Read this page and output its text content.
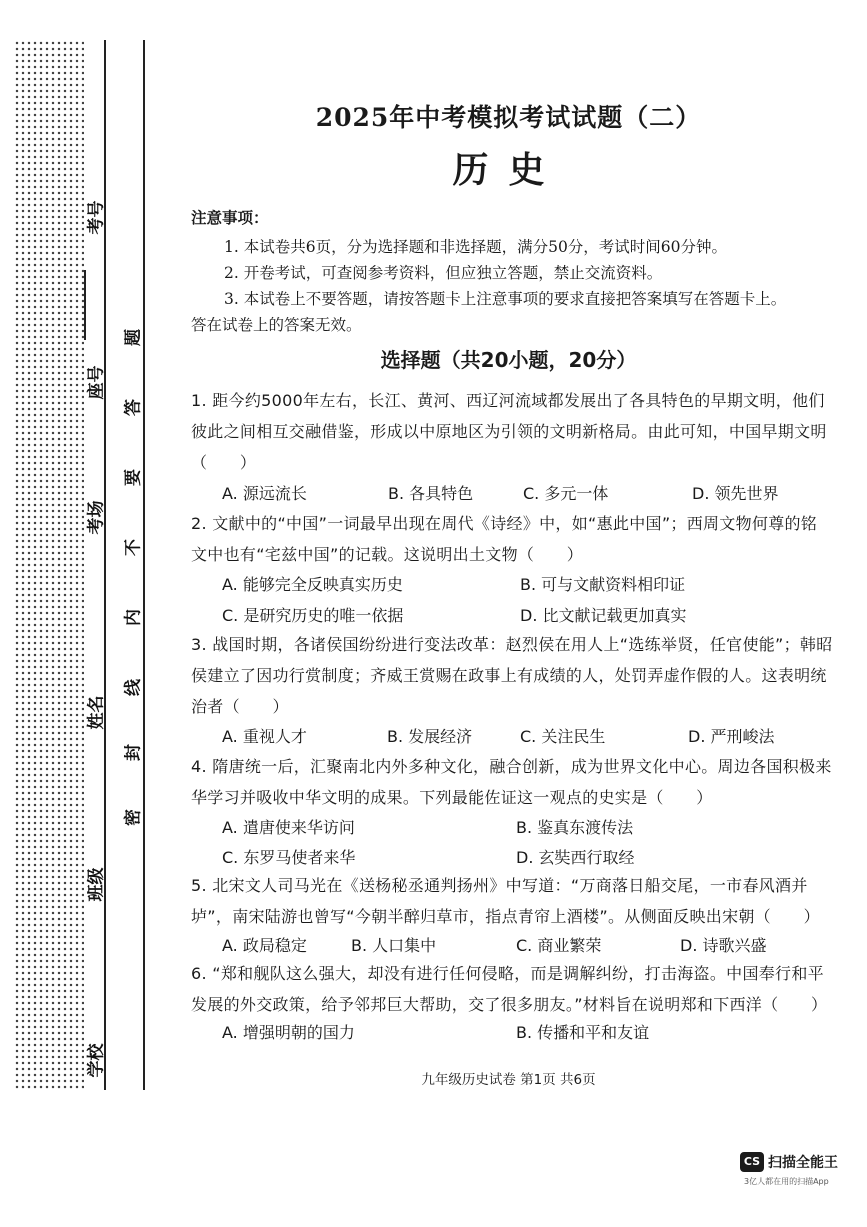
考号
座号
考场
姓名
班级
学校
题
答
要
不
内
线
封
密
2025年中考模拟考试试题（二）
历史
注意事项：
1. 本试卷共6页，分为选择题和非选择题，满分50分，考试时间60分钟。
2. 开卷考试，可查阅参考资料，但应独立答题，禁止交流资料。
3. 本试卷上不要答题，请按答题卡上注意事项的要求直接把答案填写在答题卡上。
答在试卷上的答案无效。
选择题（共20小题，20分）
1. 距今约5000年左右，长江、黄河、西辽河流域都发展出了各具特色的早期文明，他们彼此之间相互交融借鉴，形成以中原地区为引领的文明新格局。由此可知，中国早期文明（　　）
A. 源远流长	B. 各具特色	C. 多元一体	D. 领先世界
2. 文献中的“中国”一词最早出现在周代《诗经》中，如“惠此中国”；西周文物何尊的铭文中也有“宅兹中国”的记载。这说明出土文物（　　）
A. 能够完全反映真实历史	B. 可与文献资料相印证
C. 是研究历史的唯一依据	D. 比文献记载更加真实
3. 战国时期，各诸侯国纷纷进行变法改革：赵烈侯在用人上“选练举贤，任官使能”；韩昭侯建立了因功行赏制度；齐威王赏赐在政事上有成绩的人，处罚弄虚作假的人。这表明统治者（　　）
A. 重视人才	B. 发展经济	C. 关注民生	D. 严刑峻法
4. 隋唐统一后，汇聚南北内外多种文化，融合创新，成为世界文化中心。周边各国积极来华学习并吸收中华文明的成果。下列最能佐证这一观点的史实是（　　）
A. 遣唐使来华访问	B. 鉴真东渡传法
C. 东罗马使者来华	D. 玄奘西行取经
5. 北宋文人司马光在《送杨秘丞通判扬州》中写道：“万商落日船交尾，一市春风酒并垆”，南宋陆游也曾写“今朝半醉归草市，指点青帘上酒楼”。从侧面反映出宋朝（　　）
A. 政局稳定	B. 人口集中	C. 商业繁荣	D. 诗歌兴盛
6. “郑和舰队这么强大，却没有进行任何侵略，而是调解纠纷，打击海盗。中国奉行和平发展的外交政策，给予邻邦巨大帮助，交了很多朋友。”材料旨在说明郑和下西洋（　　）
A. 增强明朝的国力	B. 传播和平和友谊
九年级历史试卷 第1页 共6页
CS 扫描全能王
3亿人都在用的扫描App
